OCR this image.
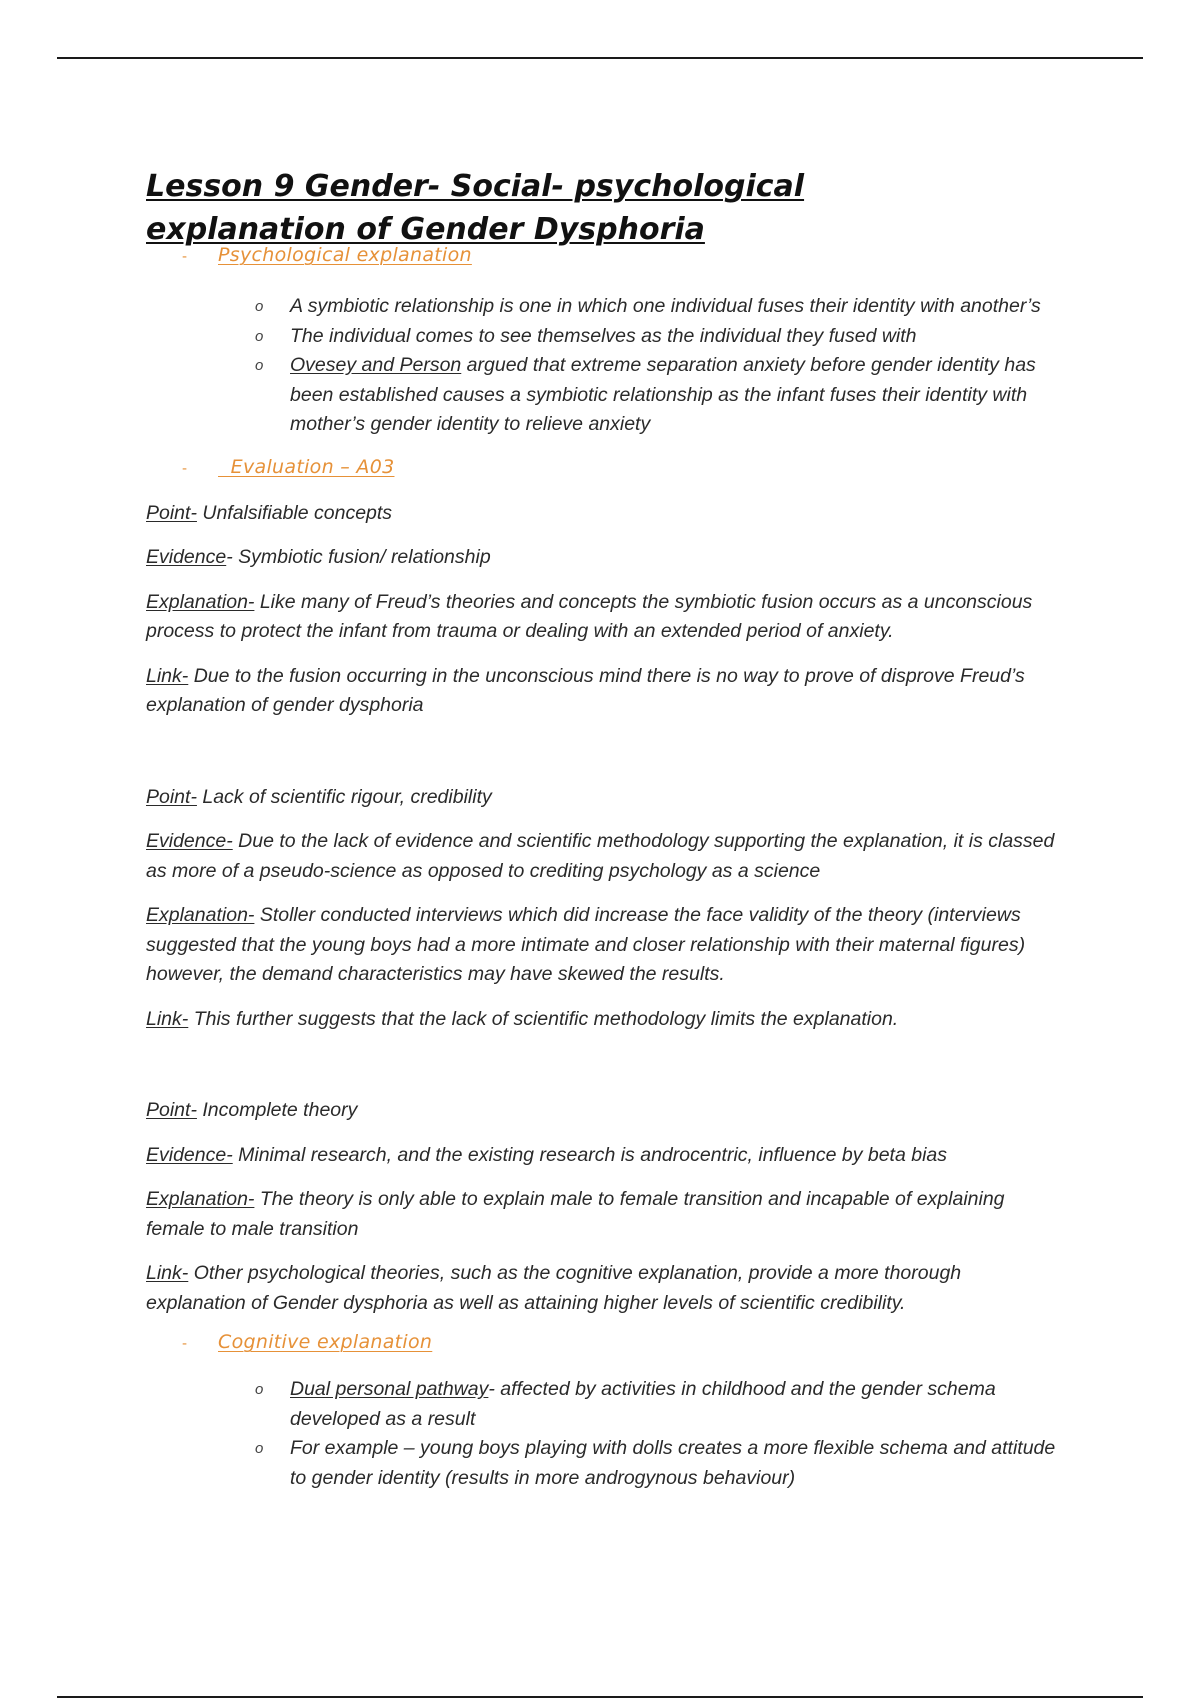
Lesson 9 Gender- Social- psychological
explanation of Gender Dysphoria
-	Psychological explanation
o A symbiotic relationship is one in which one individual fuses their identity with another’s
o The individual comes to see themselves as the individual they fused with
o Ovesey and Person argued that extreme separation anxiety before gender identity has been established causes a symbiotic relationship as the infant fuses their identity with mother’s gender identity to relieve anxiety
-	Evaluation – A03

Point- Unfalsifiable concepts

Evidence- Symbiotic fusion/ relationship

Explanation- Like many of Freud’s theories and concepts the symbiotic fusion occurs as a unconscious process to protect the infant from trauma or dealing with an extended period of anxiety.

Link- Due to the fusion occurring in the unconscious mind there is no way to prove of disprove Freud’s explanation of gender dysphoria

Point- Lack of scientific rigour, credibility

Evidence- Due to the lack of evidence and scientific methodology supporting the explanation, it is classed as more of a pseudo-science as opposed to crediting psychology as a science

Explanation- Stoller conducted interviews which did increase the face validity of the theory (interviews suggested that the young boys had a more intimate and closer relationship with their maternal figures) however, the demand characteristics may have skewed the results.

Link- This further suggests that the lack of scientific methodology limits the explanation.

Point- Incomplete theory

Evidence- Minimal research, and the existing research is androcentric, influence by beta bias

Explanation- The theory is only able to explain male to female transition and incapable of explaining female to male transition

Link- Other psychological theories, such as the cognitive explanation, provide a more thorough explanation of Gender dysphoria as well as attaining higher levels of scientific credibility.

-	Cognitive explanation
o Dual personal pathway- affected by activities in childhood and the gender schema developed as a result
o For example – young boys playing with dolls creates a more flexible schema and attitude to gender identity (results in more androgynous behaviour)
